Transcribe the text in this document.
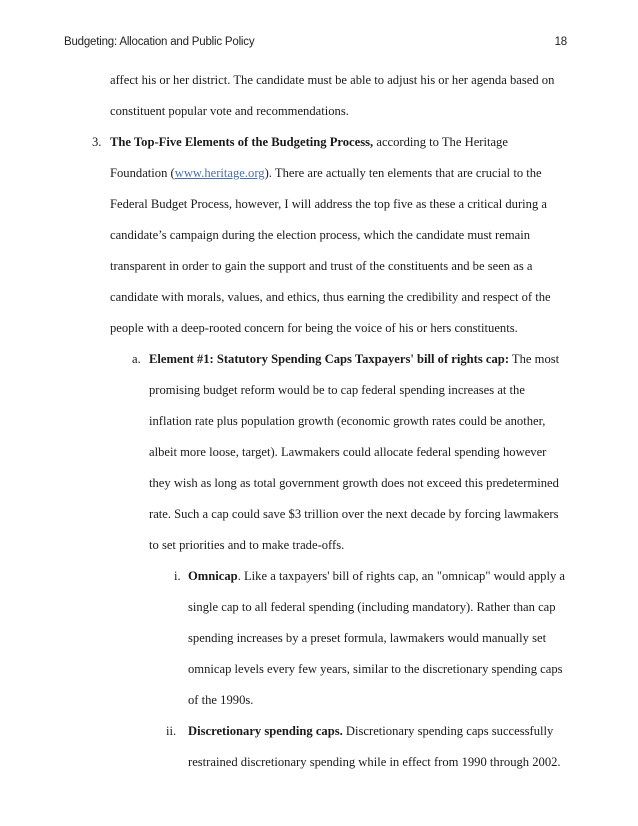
Budgeting: Allocation and Public Policy	18
affect his or her district. The candidate must be able to adjust his or her agenda based on
constituent popular vote and recommendations.
3. The Top-Five Elements of the Budgeting Process, according to The Heritage
Foundation (www.heritage.org). There are actually ten elements that are crucial to the
Federal Budget Process, however, I will address the top five as these a critical during a
candidate’s campaign during the election process, which the candidate must remain
transparent in order to gain the support and trust of the constituents and be seen as a
candidate with morals, values, and ethics, thus earning the credibility and respect of the
people with a deep-rooted concern for being the voice of his or hers constituents.
a. Element #1: Statutory Spending Caps Taxpayers' bill of rights cap: The most
promising budget reform would be to cap federal spending increases at the
inflation rate plus population growth (economic growth rates could be another,
albeit more loose, target). Lawmakers could allocate federal spending however
they wish as long as total government growth does not exceed this predetermined
rate. Such a cap could save $3 trillion over the next decade by forcing lawmakers
to set priorities and to make trade-offs.
i. Omnicap. Like a taxpayers' bill of rights cap, an "omnicap" would apply a
single cap to all federal spending (including mandatory). Rather than cap
spending increases by a preset formula, lawmakers would manually set
omnicap levels every few years, similar to the discretionary spending caps
of the 1990s.
ii. Discretionary spending caps. Discretionary spending caps successfully
restrained discretionary spending while in effect from 1990 through 2002.
